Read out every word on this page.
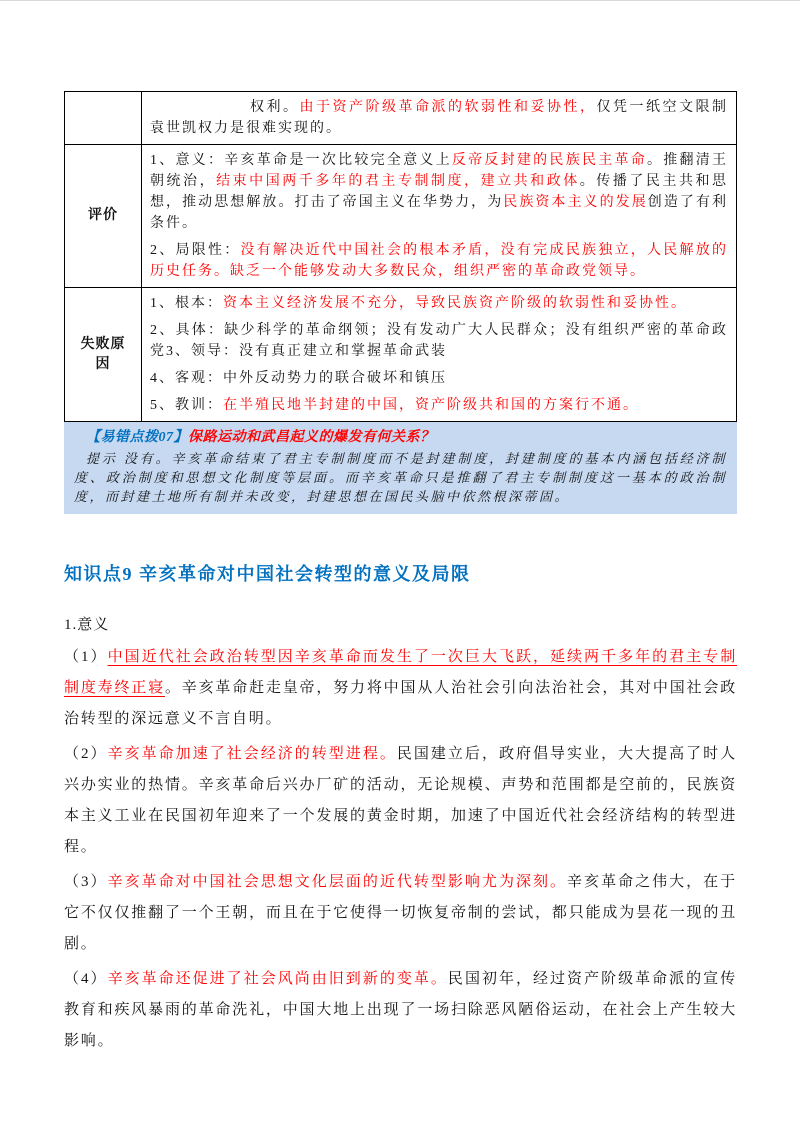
	权利。由于资产阶级革命派的软弱性和妥协性，仅凭一纸空文限制袁世凯权力是很难实现的。

评价	1、意义：辛亥革命是一次比较完全意义上反帝反封建的民族民主革命。推翻清王朝统治，结束中国两千多年的君主专制制度，建立共和政体。传播了民主共和思想，推动思想解放。打击了帝国主义在华势力，为民族资本主义的发展创造了有利条件。

2、局限性：没有解决近代中国社会的根本矛盾，没有完成民族独立，人民解放的历史任务。缺乏一个能够发动大多数民众，组织严密的革命政党领导。

失败原因	1、根本：资本主义经济发展不充分，导致民族资产阶级的软弱性和妥协性。

2、具体：缺少科学的革命纲领；没有发动广大人民群众；没有组织严密的革命政党3、领导：没有真正建立和掌握革命武装

4、客观：中外反动势力的联合破坏和镇压

5、教训：在半殖民地半封建的中国，资产阶级共和国的方案行不通。

【易错点拨07】保路运动和武昌起义的爆发有何关系？

提示 没有。辛亥革命结束了君主专制制度而不是封建制度，封建制度的基本内涵包括经济制度、政治制度和思想文化制度等层面。而辛亥革命只是推翻了君主专制制度这一基本的政治制度，而封建土地所有制并未改变，封建思想在国民头脑中依然根深蒂固。

知识点9 辛亥革命对中国社会转型的意义及局限

1.意义

（1）中国近代社会政治转型因辛亥革命而发生了一次巨大飞跃，延续两千多年的君主专制制度寿终正寝。辛亥革命赶走皇帝，努力将中国从人治社会引向法治社会，其对中国社会政治转型的深远意义不言自明。

（2）辛亥革命加速了社会经济的转型进程。民国建立后，政府倡导实业，大大提高了时人兴办实业的热情。辛亥革命后兴办厂矿的活动，无论规模、声势和范围都是空前的，民族资本主义工业在民国初年迎来了一个发展的黄金时期，加速了中国近代社会经济结构的转型进程。

（3）辛亥革命对中国社会思想文化层面的近代转型影响尤为深刻。辛亥革命之伟大，在于它不仅仅推翻了一个王朝，而且在于它使得一切恢复帝制的尝试，都只能成为昙花一现的丑剧。

（4）辛亥革命还促进了社会风尚由旧到新的变革。民国初年，经过资产阶级革命派的宣传教育和疾风暴雨的革命洗礼，中国大地上出现了一场扫除恶风陋俗运动，在社会上产生较大影响。
